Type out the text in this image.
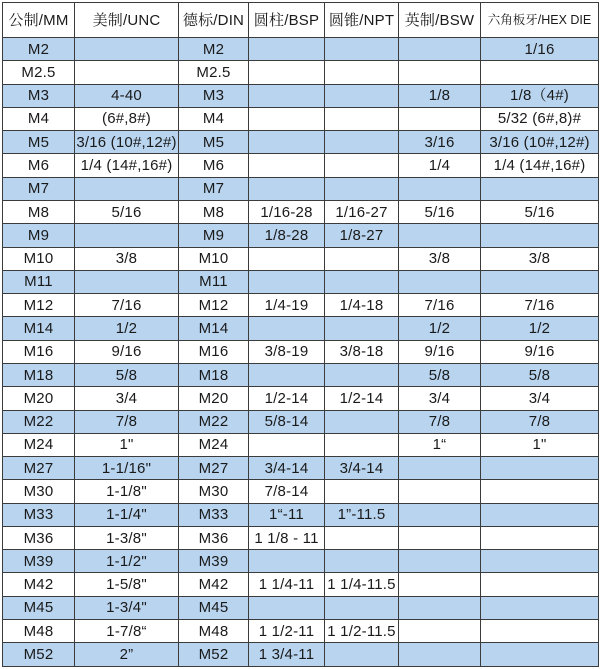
公制/MM	美制/UNC	德标/DIN	圆柱/BSP	圆锥/NPT	英制/BSW	六角板牙/HEX DIE
M2		M2				1/16
M2.5		M2.5				
M3	4-40	M3			1/8	1/8（4#)
M4	(6#,8#)	M4				5/32 (6#,8)#
M5	3/16 (10#,12#)	M5			3/16	3/16 (10#,12#)
M6	1/4 (14#,16#)	M6			1/4	1/4 (14#,16#)
M7		M7				
M8	5/16	M8	1/16-28	1/16-27	5/16	5/16
M9		M9	1/8-28	1/8-27		
M10	3/8	M10			3/8	3/8
M11		M11				
M12	7/16	M12	1/4-19	1/4-18	7/16	7/16
M14	1/2	M14			1/2	1/2
M16	9/16	M16	3/8-19	3/8-18	9/16	9/16
M18	5/8	M18			5/8	5/8
M20	3/4	M20	1/2-14	1/2-14	3/4	3/4
M22	7/8	M22	5/8-14		7/8	7/8
M24	1"	M24			1“	1"
M27	1-1/16"	M27	3/4-14	3/4-14		
M30	1-1/8"	M30	7/8-14			
M33	1-1/4"	M33	1“-11	1”-11.5		
M36	1-3/8"	M36	1 1/8 - 11			
M39	1-1/2"	M39				
M42	1-5/8"	M42	1 1/4-11	1 1/4-11.5		
M45	1-3/4"	M45				
M48	1-7/8“	M48	1 1/2-11	1 1/2-11.5		
M52	2”	M52	1 3/4-11			
